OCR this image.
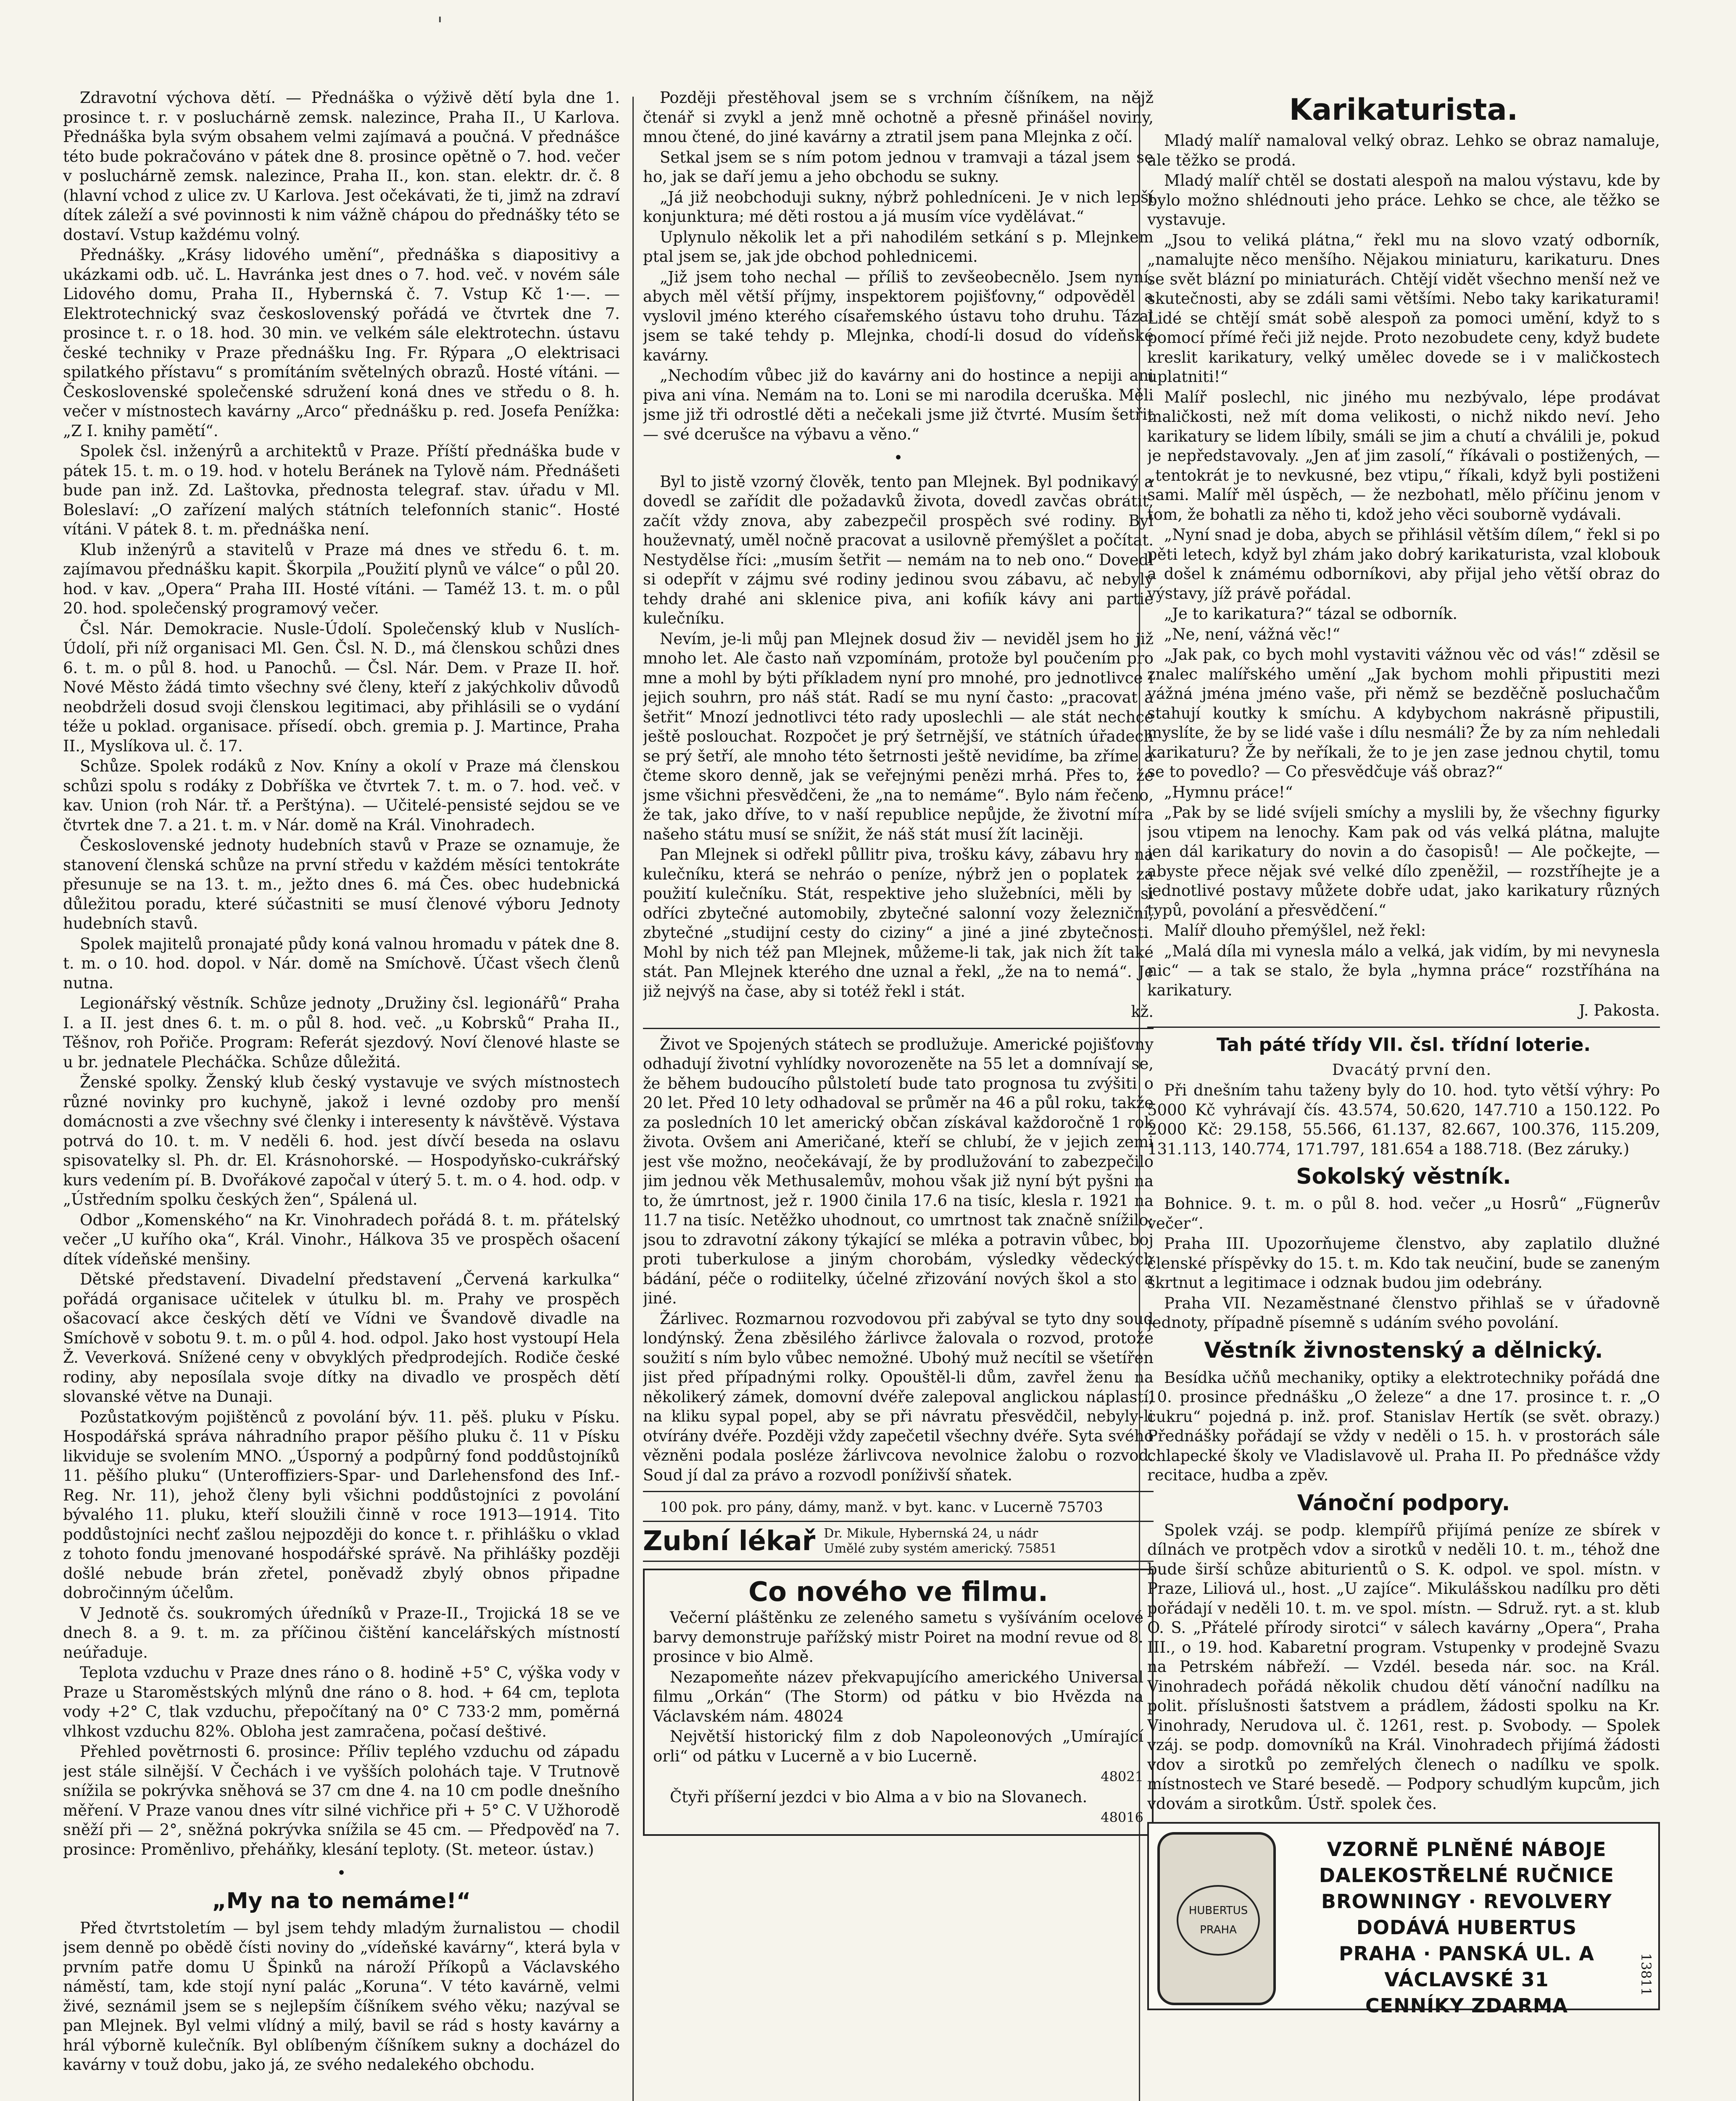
'

Zdravotní výchova dětí. — Přednáška o výživě dětí byla dne 1. prosince t. r. v posluchárně zemsk. nalezince, Praha II., U Karlova. Přednáška byla svým obsahem velmi zajímavá a poučná. V přednášce této bude pokračováno v pátek dne 8. prosince opětně o 7. hod. večer v posluchárně zemsk. nalezince, Praha II., kon. stan. elektr. dr. č. 8 (hlavní vchod z ulice zv. U Karlova. Jest očekávati, že ti, jimž na zdraví dítek záleží a své povinnosti k nim vážně chápou do přednášky této se dostaví. Vstup každému volný.

Přednášky. „Krásy lidového umění“, přednáška s diapositivy a ukázkami odb. uč. L. Havránka jest dnes o 7. hod. več. v novém sále Lidového domu, Praha II., Hybernská č. 7. Vstup Kč 1·—. — Elektrotechnický svaz československý pořádá ve čtvrtek dne 7. prosince t. r. o 18. hod. 30 min. ve velkém sále elektrotechn. ústavu české techniky v Praze přednášku Ing. Fr. Rýpara „O elektrisaci spilatkého přístavu“ s promítáním světelných obrazů. Hosté vítáni. — Československé společenské sdružení koná dnes ve středu o 8. h. večer v místnostech kavárny „Arco“ přednášku p. red. Josefa Penížka: „Z I. knihy pamětí“.

Spolek čsl. inženýrů a architektů v Praze. Příští přednáška bude v pátek 15. t. m. o 19. hod. v hotelu Beránek na Tylově nám. Přednášeti bude pan inž. Zd. Laštovka, přednosta telegraf. stav. úřadu v Ml. Boleslaví: „O zařízení malých státních telefonních stanic“. Hosté vítáni. V pátek 8. t. m. přednáška není.

Klub inženýrů a stavitelů v Praze má dnes ve středu 6. t. m. zajímavou přednášku kapit. Škorpila „Použití plynů ve válce“ o půl 20. hod. v kav. „Opera“ Praha III. Hosté vítáni. — Taméž 13. t. m. o půl 20. hod. společenský programový večer.

Čsl. Nár. Demokracie. Nusle-Údolí. Společenský klub v Nuslích-Údolí, při níž organisaci Ml. Gen. Čsl. N. D., má členskou schůzi dnes 6. t. m. o půl 8. hod. u Panochů. — Čsl. Nár. Dem. v Praze II. hoř. Nové Město žádá timto všechny své členy, kteří z jakýchkoliv důvodů neobdrželi dosud svoji členskou legitimaci, aby přihlásili se o vydání téže u poklad. organisace. přísedí. obch. gremia p. J. Martince, Praha II., Myslíkova ul. č. 17.

Schůze. Spolek rodáků z Nov. Kníny a okolí v Praze má členskou schůzi spolu s rodáky z Dobříška ve čtvrtek 7. t. m. o 7. hod. več. v kav. Union (roh Nár. tř. a Perštýna). — Učitelé-pensisté sejdou se ve čtvrtek dne 7. a 21. t. m. v Nár. domě na Král. Vinohradech.

Československé jednoty hudebních stavů v Praze se oznamuje, že stanovení členská schůze na první středu v každém měsíci tentokráte přesunuje se na 13. t. m., ježto dnes 6. má Čes. obec hudebnická důležitou poradu, které súčastniti se musí členové výboru Jednoty hudebních stavů.

Spolek majitelů pronajaté půdy koná valnou hromadu v pátek dne 8. t. m. o 10. hod. dopol. v Nár. domě na Smíchově. Účast všech členů nutna.

Legionářský věstník. Schůze jednoty „Družiny čsl. legionářů“ Praha I. a II. jest dnes 6. t. m. o půl 8. hod. več. „u Kobrsků“ Praha II., Těšnov, roh Pořiče. Program: Referát sjezdový. Noví členové hlaste se u br. jednatele Plecháčka. Schůze důležitá.

Ženské spolky. Ženský klub český vystavuje ve svých místnostech různé novinky pro kuchyně, jakož i levné ozdoby pro menší domácnosti a zve všechny své členky i interesenty k návštěvě. Výstava potrvá do 10. t. m. V neděli 6. hod. jest dívčí beseda na oslavu spisovatelky sl. Ph. dr. El. Krásnohorské. — Hospodyňsko-cukrářský kurs vedením pí. B. Dvořákové započal v úterý 5. t. m. o 4. hod. odp. v „Ústředním spolku českých žen“, Spálená ul.

Odbor „Komenského“ na Kr. Vinohradech pořádá 8. t. m. přátelský večer „U kuřího oka“, Král. Vinohr., Hálkova 35 ve prospěch ošacení dítek vídeňské menšiny.

Dětské představení. Divadelní představení „Červená karkulka“ pořádá organisace učitelek v útulku bl. m. Prahy ve prospěch ošacovací akce českých dětí ve Vídni ve Švandově divadle na Smíchově v sobotu 9. t. m. o půl 4. hod. odpol. Jako host vystoupí Hela Ž. Veverková. Snížené ceny v obvyklých předprodejích. Rodiče české rodiny, aby neposílala svoje dítky na divadlo ve prospěch dětí slovanské větve na Dunaji.

Pozůstatkovým pojištěnců z povolání býv. 11. pěš. pluku v Písku. Hospodářská správa náhradního prapor pěšího pluku č. 11 v Písku likviduje se svolením MNO. „Úsporný a podpůrný fond poddůstojníků 11. pěšího pluku“ (Unteroffiziers-Spar- und Darlehensfond des Inf.-Reg. Nr. 11), jehož členy byli všichni poddůstojníci z povolání bývalého 11. pluku, kteří sloužili činně v roce 1913—1914. Tito poddůstojníci nechť zašlou nejpozději do konce t. r. přihlášku o vklad z tohoto fondu jmenované hospodářské správě. Na přihlášky později došlé nebude brán zřetel, poněvadž zbylý obnos připadne dobročinným účelům.

V Jednotě čs. soukromých úředníků v Praze-II., Trojická 18 se ve dnech 8. a 9. t. m. za příčinou čištění kancelářských místností neúřaduje.

Teplota vzduchu v Praze dnes ráno o 8. hodině +5° C, výška vody v Praze u Staroměstských mlýnů dne ráno o 8. hod. + 64 cm, teplota vody +2° C, tlak vzduchu, přepočítaný na 0° C 733·2 mm, poměrná vlhkost vzduchu 82%. Obloha jest zamračena, počasí deštivé.

Přehled povětrnosti 6. prosince: Příliv teplého vzduchu od západu jest stále silnější. V Čechách i ve vyšších polohách taje. V Trutnově snížila se pokrývka sněhová se 37 cm dne 4. na 10 cm podle dnešního měření. V Praze vanou dnes vítr silné vichřice při + 5° C. V Užhorodě sněží při — 2°, sněžná pokrývka snížila se 45 cm. — Předpověď na 7. prosince: Proměnlivo, přeháňky, klesání teploty. (St. meteor. ústav.)

•
„My na to nemáme!“

Před čtvrtstoletím — byl jsem tehdy mladým žurnalistou — chodil jsem denně po obědě čísti noviny do „vídeňské kavárny“, která byla v prvním patře domu U Špinků na nároží Příkopů a Václavského náměstí, tam, kde stojí nyní palác „Koruna“. V této kavárně, velmi živé, seznámil jsem se s nejlepším číšníkem svého věku; nazýval se pan Mlejnek. Byl velmi vlídný a milý, bavil se rád s hosty kavárny a hrál výborně kulečník. Byl oblíbeným číšníkem sukny a docházel do kavárny v touž dobu, jako já, ze svého nedalekého obchodu.

Později přestěhoval jsem se s vrchním číšníkem, na nějž čtenář si zvykl a jenž mně ochotně a přesně přinášel noviny, mnou čtené, do jiné kavárny a ztratil jsem pana Mlejnka z očí.

Setkal jsem se s ním potom jednou v tramvaji a tázal jsem se ho, jak se daří jemu a jeho obchodu se sukny.

„Já již neobchoduji sukny, nýbrž pohledníceni. Je v nich lepší konjunktura; mé děti rostou a já musím více vydělávat.“

Uplynulo několik let a při nahodilém setkání s p. Mlejnkem ptal jsem se, jak jde obchod pohlednicemi.

„Již jsem toho nechal — příliš to zevšeobecnělo. Jsem nyní, abych měl větší příjmy, inspektorem pojišťovny,“ odpověděl a vyslovil jméno kterého císařemského ústavu toho druhu. Tázal jsem se také tehdy p. Mlejnka, chodí-li dosud do vídeňské kavárny.

„Nechodím vůbec již do kavárny ani do hostince a nepiji ani piva ani vína. Nemám na to. Loni se mi narodila dceruška. Měli jsme již tři odrostlé děti a nečekali jsme již čtvrté. Musím šetřit — své dcerušce na výbavu a věno.“

•

Byl to jistě vzorný člověk, tento pan Mlejnek. Byl podnikavý a dovedl se zařídit dle požadavků života, dovedl zavčas obrátit, začít vždy znova, aby zabezpečil prospěch své rodiny. Byl houževnatý, uměl nočně pracovat a usilovně přemýšlet a počítat. Nestydělse říci: „musím šetřit — nemám na to neb ono.“ Dovedl si odepřít v zájmu své rodiny jedinou svou zábavu, ač nebyly tehdy drahé ani sklenice piva, ani kofiík kávy ani partie kulečníku.

Nevím, je-li můj pan Mlejnek dosud živ — neviděl jsem ho již mnoho let. Ale často naň vzpomínám, protože byl poučením pro mne a mohl by býti příkladem nyní pro mnohé, pro jednotlivce i jejich souhrn, pro náš stát. Radí se mu nyní často: „pracovat a šetřit“ Mnozí jednotlivci této rady uposlechli — ale stát nechce ještě poslouchat. Rozpočet je prý šetrnější, ve státních úřadech se prý šetří, ale mnoho této šetrnosti ještě nevidíme, ba zříme a čteme skoro denně, jak se veřejnými penězi mrhá. Přes to, že jsme všichni přesvědčeni, že „na to nemáme“. Bylo nám řečeno, že tak, jako dříve, to v naší republice nepůjde, že životní míra našeho státu musí se snížit, že náš stát musí žít laciněji.

Pan Mlejnek si odřekl půllitr piva, trošku kávy, zábavu hry na kulečníku, která se nehráo o peníze, nýbrž jen o poplatek za použití kulečníku. Stát, respektive jeho služebníci, měli by si odříci zbytečné automobily, zbytečné salonní vozy železniční, zbytečné „studijní cesty do ciziny“ a jiné a jiné zbytečnosti. Mohl by nich též pan Mlejnek, můžeme-li tak, jak nich žít také stát. Pan Mlejnek kterého dne uznal a řekl, „že na to nemá“. Je již nejvýš na čase, aby si totéž řekl i stát.

kž.

Život ve Spojených státech se prodlužuje. Americké pojišťovny odhadují životní vyhlídky novorozeněte na 55 let a domnívají se, že během budoucího půlstoletí bude tato prognosa tu zvýšiti o 20 let. Před 10 lety odhadoval se průměr na 46 a půl roku, takže za posledních 10 let americký občan získával každoročně 1 rok života. Ovšem ani Američané, kteří se chlubí, že v jejich zemi jest vše možno, neočekávají, že by prodlužování to zabezpečilo jim jednou věk Methusalemův, mohou však již nyní být pyšni na to, že úmrtnost, jež r. 1900 činila 17.6 na tisíc, klesla r. 1921 na 11.7 na tisíc. Netěžko uhodnout, co umrtnost tak značně snížilo; jsou to zdravotní zákony týkající se mléka a potravin vůbec, boj proti tuberkulose a jiným chorobám, výsledky vědeckých bádání, péče o rodiitelky, účelné zřizování nových škol a sto a jiné.

Žárlivec. Rozmarnou rozvodovou při zabýval se tyto dny soud londýnský. Žena zběsilého žárlivce žalovala o rozvod, protože soužití s ním bylo vůbec nemožné. Ubohý muž necítil se všetířen jist před případnými rolky. Opouštěl-li dům, zavřel ženu na několikerý zámek, domovní dvéře zalepoval anglickou náplastí, na kliku sypal popel, aby se při návratu přesvědčil, nebyly-li otvírány dvéře. Později vždy zapečetil všechny dvéře. Syta svého vězněni podala posléze žárlivcova nevolnice žalobu o rozvod. Soud jí dal za právo a rozvodl poníživší sňatek.

100 pok. pro pány, dámy, manž. v byt. kanc. v Lucerně 75703

Zubní lékař Dr. Mikule, Hybernská 24, u nádr
Umělé zuby systém americký. 75851
Co nového ve filmu.

Večerní pláštěnku ze zeleného sametu s vyšíváním ocelové barvy demonstruje pařížský mistr Poiret na modní revue od 8. prosince v bio Almě.

Nezapomeňte název překvapujícího amerického Universal filmu „Orkán“ (The Storm) od pátku v bio Hvězda na Václavském nám. 48024

Největší historický film z dob Napoleonových „Umírající orli“ od pátku v Lucerně a v bio Lucerně.

48021

Čtyři příšerní jezdci v bio Alma a v bio na Slovanech.

48016

Karikaturista.

Mladý malíř namaloval velký obraz. Lehko se obraz namaluje, ale těžko se prodá.

Mladý malíř chtěl se dostati alespoň na malou výstavu, kde by bylo možno shlédnouti jeho práce. Lehko se chce, ale těžko se vystavuje.

„Jsou to veliká plátna,“ řekl mu na slovo vzatý odborník, „namalujte něco menšího. Nějakou miniaturu, karikaturu. Dnes se svět blázní po miniaturách. Chtějí vidět všechno menší než ve skutečnosti, aby se zdáli sami většími. Nebo taky karikaturami! Lidé se chtějí smát sobě alespoň za pomoci umění, když to s pomocí přímé řeči již nejde. Proto nezobudete ceny, když budete kreslit karikatury, velký umělec dovede se i v maličkostech uplatniti!“

Malíř poslechl, nic jiného mu nezbývalo, lépe prodávat maličkosti, než mít doma velikosti, o nichž nikdo neví. Jeho karikatury se lidem líbily, smáli se jim a chutí a chválili je, pokud je nepředstavovaly. „Jen ať jim zasolí,“ říkávali o postižených, — „tentokrát je to nevkusné, bez vtipu,“ říkali, když byli postiženi sami. Malíř měl úspěch, — že nezbohatl, mělo příčinu jenom v tom, že bohatli za něho ti, kdož jeho věci souborně vydávali.

„Nyní snad je doba, abych se přihlásil větším dílem,“ řekl si po pěti letech, když byl zhám jako dobrý karikaturista, vzal klobouk a došel k známému odborníkovi, aby přijal jeho větší obraz do výstavy, jíž právě pořádal.

„Je to karikatura?“ tázal se odborník.

„Ne, není, vážná věc!“

„Jak pak, co bych mohl vystaviti vážnou věc od vás!“ zděsil se znalec malířského umění „Jak bychom mohli připustiti mezi vážná jména jméno vaše, při němž se bezděčně posluchačům stahují koutky k smíchu. A kdybychom nakrásně připustili, myslíte, že by se lidé vaše i dílu nesmáli? Že by za ním nehledali karikaturu? Že by neříkali, že to je jen zase jednou chytil, tomu se to povedlo? — Co přesvědčuje váš obraz?“

„Hymnu práce!“

„Pak by se lidé svíjeli smíchy a myslili by, že všechny figurky jsou vtipem na lenochy. Kam pak od vás velká plátna, malujte jen dál karikatury do novin a do časopisů! — Ale počkejte, — abyste přece nějak své velké dílo zpeněžil, — rozstříhejte je a jednotlivé postavy můžete dobře udat, jako karikatury různých typů, povolání a přesvědčení.“

Malíř dlouho přemýšlel, než řekl:

„Malá díla mi vynesla málo a velká, jak vidím, by mi nevynesla nic“ — a tak se stalo, že byla „hymna práce“ rozstříhána na karikatury.

J. Pakosta.

Tah páté třídy VII. čsl. třídní loterie.

Dvacátý první den.

Při dnešním tahu taženy byly do 10. hod. tyto větší výhry: Po 5000 Kč vyhrávají čís. 43.574, 50.620, 147.710 a 150.122. Po 2000 Kč: 29.158, 55.566, 61.137, 82.667, 100.376, 115.209, 131.113, 140.774, 171.797, 181.654 a 188.718. (Bez záruky.)

Sokolský věstník.

Bohnice. 9. t. m. o půl 8. hod. večer „u Hosrů“ „Fügnerův večer“.

Praha III. Upozorňujeme členstvo, aby zaplatilo dlužné členské příspěvky do 15. t. m. Kdo tak neučiní, bude se zaneným škrtnut a legitimace i odznak budou jim odebrány.

Praha VII. Nezaměstnané členstvo přihlaš se v úřadovně jednoty, případně písemně s udáním svého povolání.

Věstník živnostenský a dělnický.

Besídka učňů mechaniky, optiky a elektrotechniky pořádá dne 10. prosince přednášku „O železe“ a dne 17. prosince t. r. „O cukru“ pojedná p. inž. prof. Stanislav Hertík (se svět. obrazy.) Přednášky pořádají se vždy v neděli o 15. h. v prostorách sále chlapecké školy ve Vladislavově ul. Praha II. Po přednášce vždy recitace, hudba a zpěv.

Vánoční podpory.

Spolek vzáj. se podp. klempířů přijímá peníze ze sbírek v dílnách ve protpěch vdov a sirotků v neděli 10. t. m., téhož dne bude širší schůze abiturientů o S. K. odpol. ve spol. místn. v Praze, Liliová ul., host. „U zajíce“. Mikulášskou nadílku pro děti pořádají v neděli 10. t. m. ve spol. místn. — Sdruž. ryt. a st. klub O. S. „Přátelé přírody sirotci“ v sálech kavárny „Opera“, Praha III., o 19. hod. Kabaretní program. Vstupenky v prodejně Svazu na Petrském nábřeží. — Vzdél. beseda nár. soc. na Král. Vinohradech pořádá několik chudou dětí vánoční nadílku na polit. příslušnosti šatstvem a prádlem, žádosti spolku na Kr. Vinohrady, Nerudova ul. č. 1261, rest. p. Svobody. — Spolek vzáj. se podp. domovníků na Král. Vinohradech přijímá žádosti vdov a sirotků po zemřelých členech o nadílku ve spolk. místnostech ve Staré besedě. — Podpory schudlým kupcům, jich vdovám a sirotkům. Ústř. spolek čes.

HUBERTUS PRAHA
VZORNĚ PLNĚNÉ NÁBOJE
DALEKOSTŘELNÉ RUČNICE
BROWNINGY · REVOLVERY
DODÁVÁ HUBERTUS
PRAHA · PANSKÁ UL. A VÁCLAVSKÉ 31
CENNÍKY ZDARMA
13811
